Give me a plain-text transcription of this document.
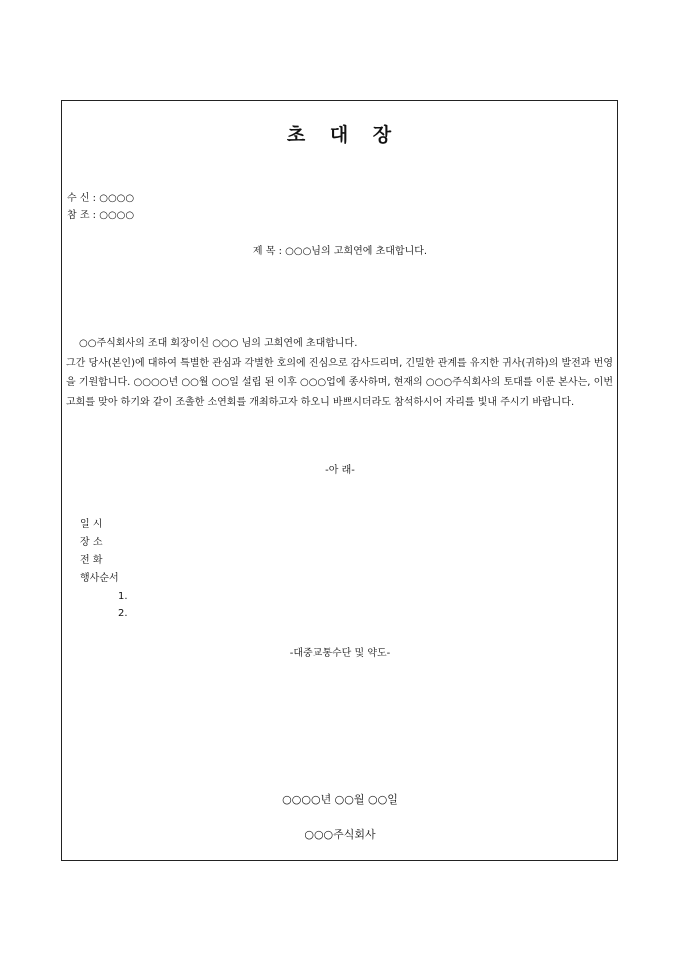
초 대 장
수 신 : ○○○○
참 조 : ○○○○
제 목 : ○○○님의 고희연에 초대합니다.
○○주식회사의 조대 회장이신 ○○○ 님의 고희연에 초대합니다.
그간 당사(본인)에 대하여 특별한 관심과 각별한 호의에 진심으로 감사드리며, 긴밀한 관계를 유지한 귀사(귀하)의 발전과 번영을 기원합니다. ○○○○년 ○○월 ○○일 설립 된 이후 ○○○업에 종사하며, 현재의 ○○○주식회사의 토대를 이룬 본사는, 이번 고희를 맞아 하기와 같이 조촐한 소연회를 개최하고자 하오니 바쁘시더라도 참석하시어 자리를 빛내 주시기 바랍니다.
-아 래-
일 시
장 소
전 화
행사순서
1.
2.
-대중교통수단 및 약도-
○○○○년 ○○월 ○○일
○○○주식회사
